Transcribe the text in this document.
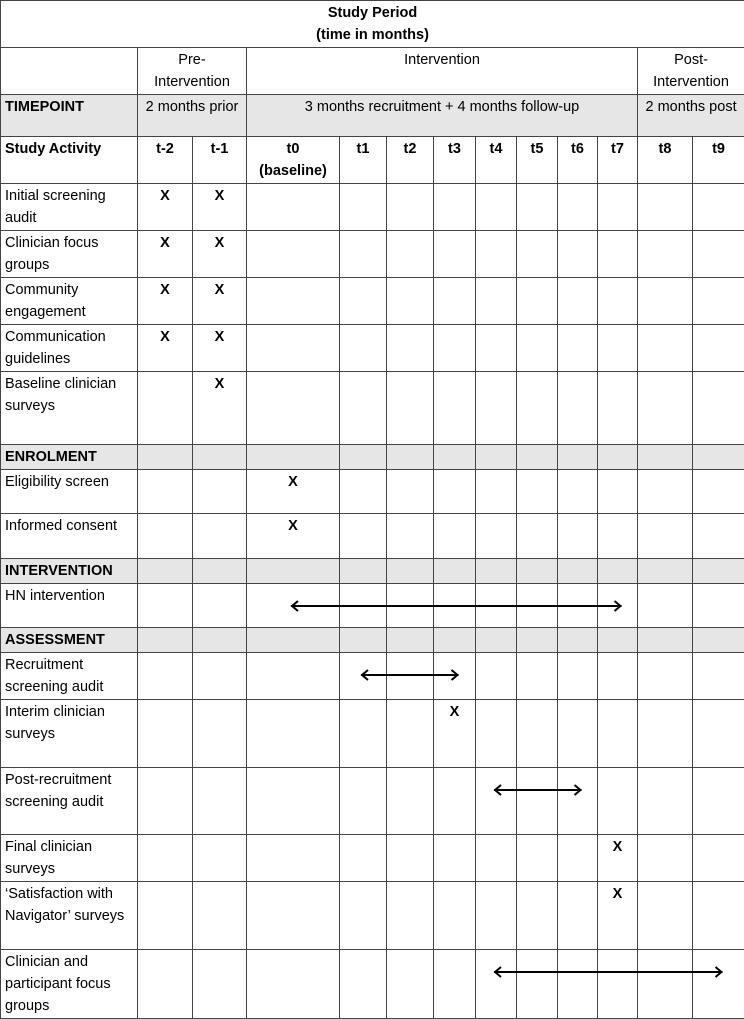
Study Period
(time in months)												
	Pre-Intervention		Intervention								Post-Intervention	
TIMEPOINT	2 months prior		3 months recruitment + 4 months follow-up								2 months post	
Study Activity	t-2	t-1	t0 (baseline)	t1	t2	t3	t4	t5	t6	t7	t8	t9
Initial screening audit	X	X										
Clinician focus groups	X	X										
Community engagement	X	X										
Communication guidelines	X	X										
Baseline clinician surveys		X										
ENROLMENT												
Eligibility screen			X									
Informed consent			X									
INTERVENTION												
HN intervention

ASSESSMENT												
Recruitment screening audit

Interim clinician surveys						X						
Post-recruitment screening audit

Final clinician surveys										X		
‘Satisfaction with Navigator’ surveys										X		
Clinician and participant focus groups
